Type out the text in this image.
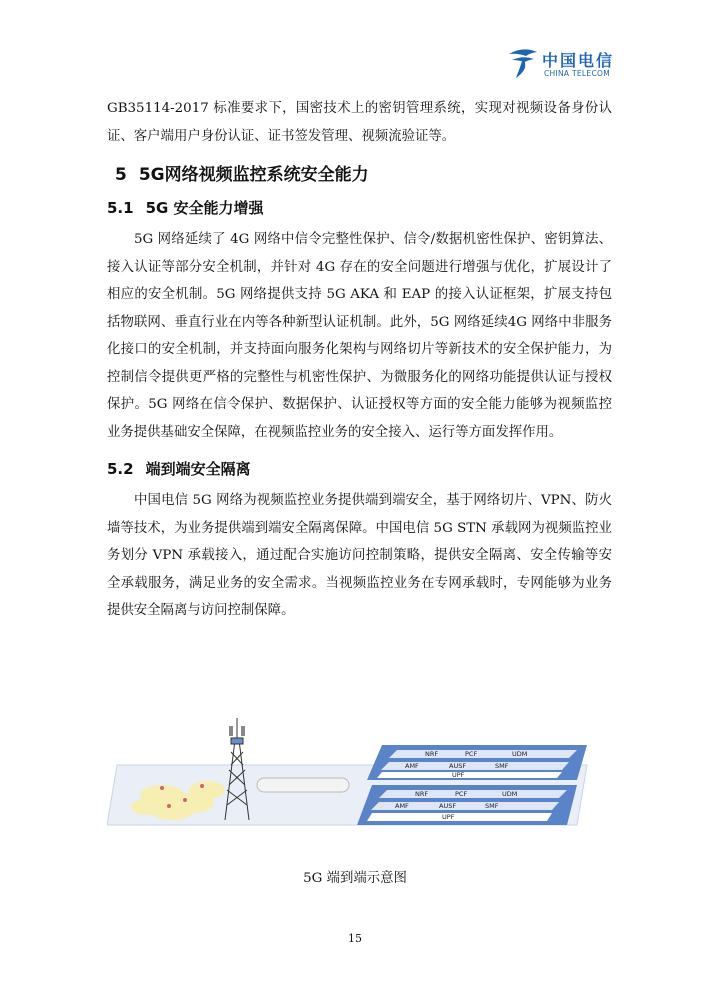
中国电信
CHINA TELECOM

GB35114-2017 标准要求下，国密技术上的密钥管理系统，实现对视频设备身份认证、客户端用户身份认证、证书签发管理、视频流验证等。

5 5G网络视频监控系统安全能力
5.1 5G 安全能力增强

5G 网络延续了 4G 网络中信令完整性保护、信令/数据机密性保护、密钥算法、接入认证等部分安全机制，并针对 4G 存在的安全问题进行增强与优化，扩展设计了相应的安全机制。5G 网络提供支持 5G AKA 和 EAP 的接入认证框架，扩展支持包括物联网、垂直行业在内等各种新型认证机制。此外，5G 网络延续4G 网络中非服务化接口的安全机制，并支持面向服务化架构与网络切片等新技术的安全保护能力，为控制信令提供更严格的完整性与机密性保护、为微服务化的网络功能提供认证与授权保护。5G 网络在信令保护、数据保护、认证授权等方面的安全能力能够为视频监控业务提供基础安全保障，在视频监控业务的安全接入、运行等方面发挥作用。

5.2 端到端安全隔离

中国电信 5G 网络为视频监控业务提供端到端安全，基于网络切片、VPN、防火墙等技术，为业务提供端到端安全隔离保障。中国电信 5G STN 承载网为视频监控业务划分 VPN 承载接入，通过配合实施访问控制策略，提供安全隔离、安全传输等安全承载服务，满足业务的安全需求。当视频监控业务在专网承载时，专网能够为业务提供安全隔离与访问控制保障。

NRF	PCF	UDM
AMF	AUSF	SMF
UPF
NRF	PCF	UDM
AMF	AUSF	SMF
UPF
5G 端到端示意图
15
